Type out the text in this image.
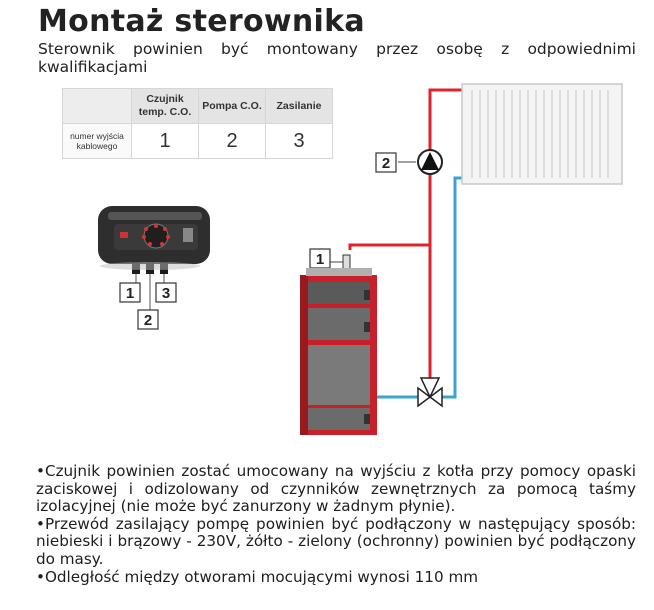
Montaż sterownika
Sterownik powinien być montowany przez osobę z odpowiednimi kwalifikacjami
	Czujnik temp. C.O.	Pompa C.O.	Zasilanie
numer wyjścia kablowego	1	2	3
1 3
2
2
1

•Czujnik powinien zostać umocowany na wyjściu z kotła przy pomocy opaski zaciskowej i odizolowany od czynników zewnętrznych za pomocą taśmy izolacyjnej (nie może być zanurzony w żadnym płynie).

•Przewód zasilający pompę powinien być podłączony w następujący sposób: niebieski i brązowy - 230V, żółto - zielony (ochronny) powinien być podłączony do masy.

•Odległość między otworami mocującymi wynosi 110 mm
